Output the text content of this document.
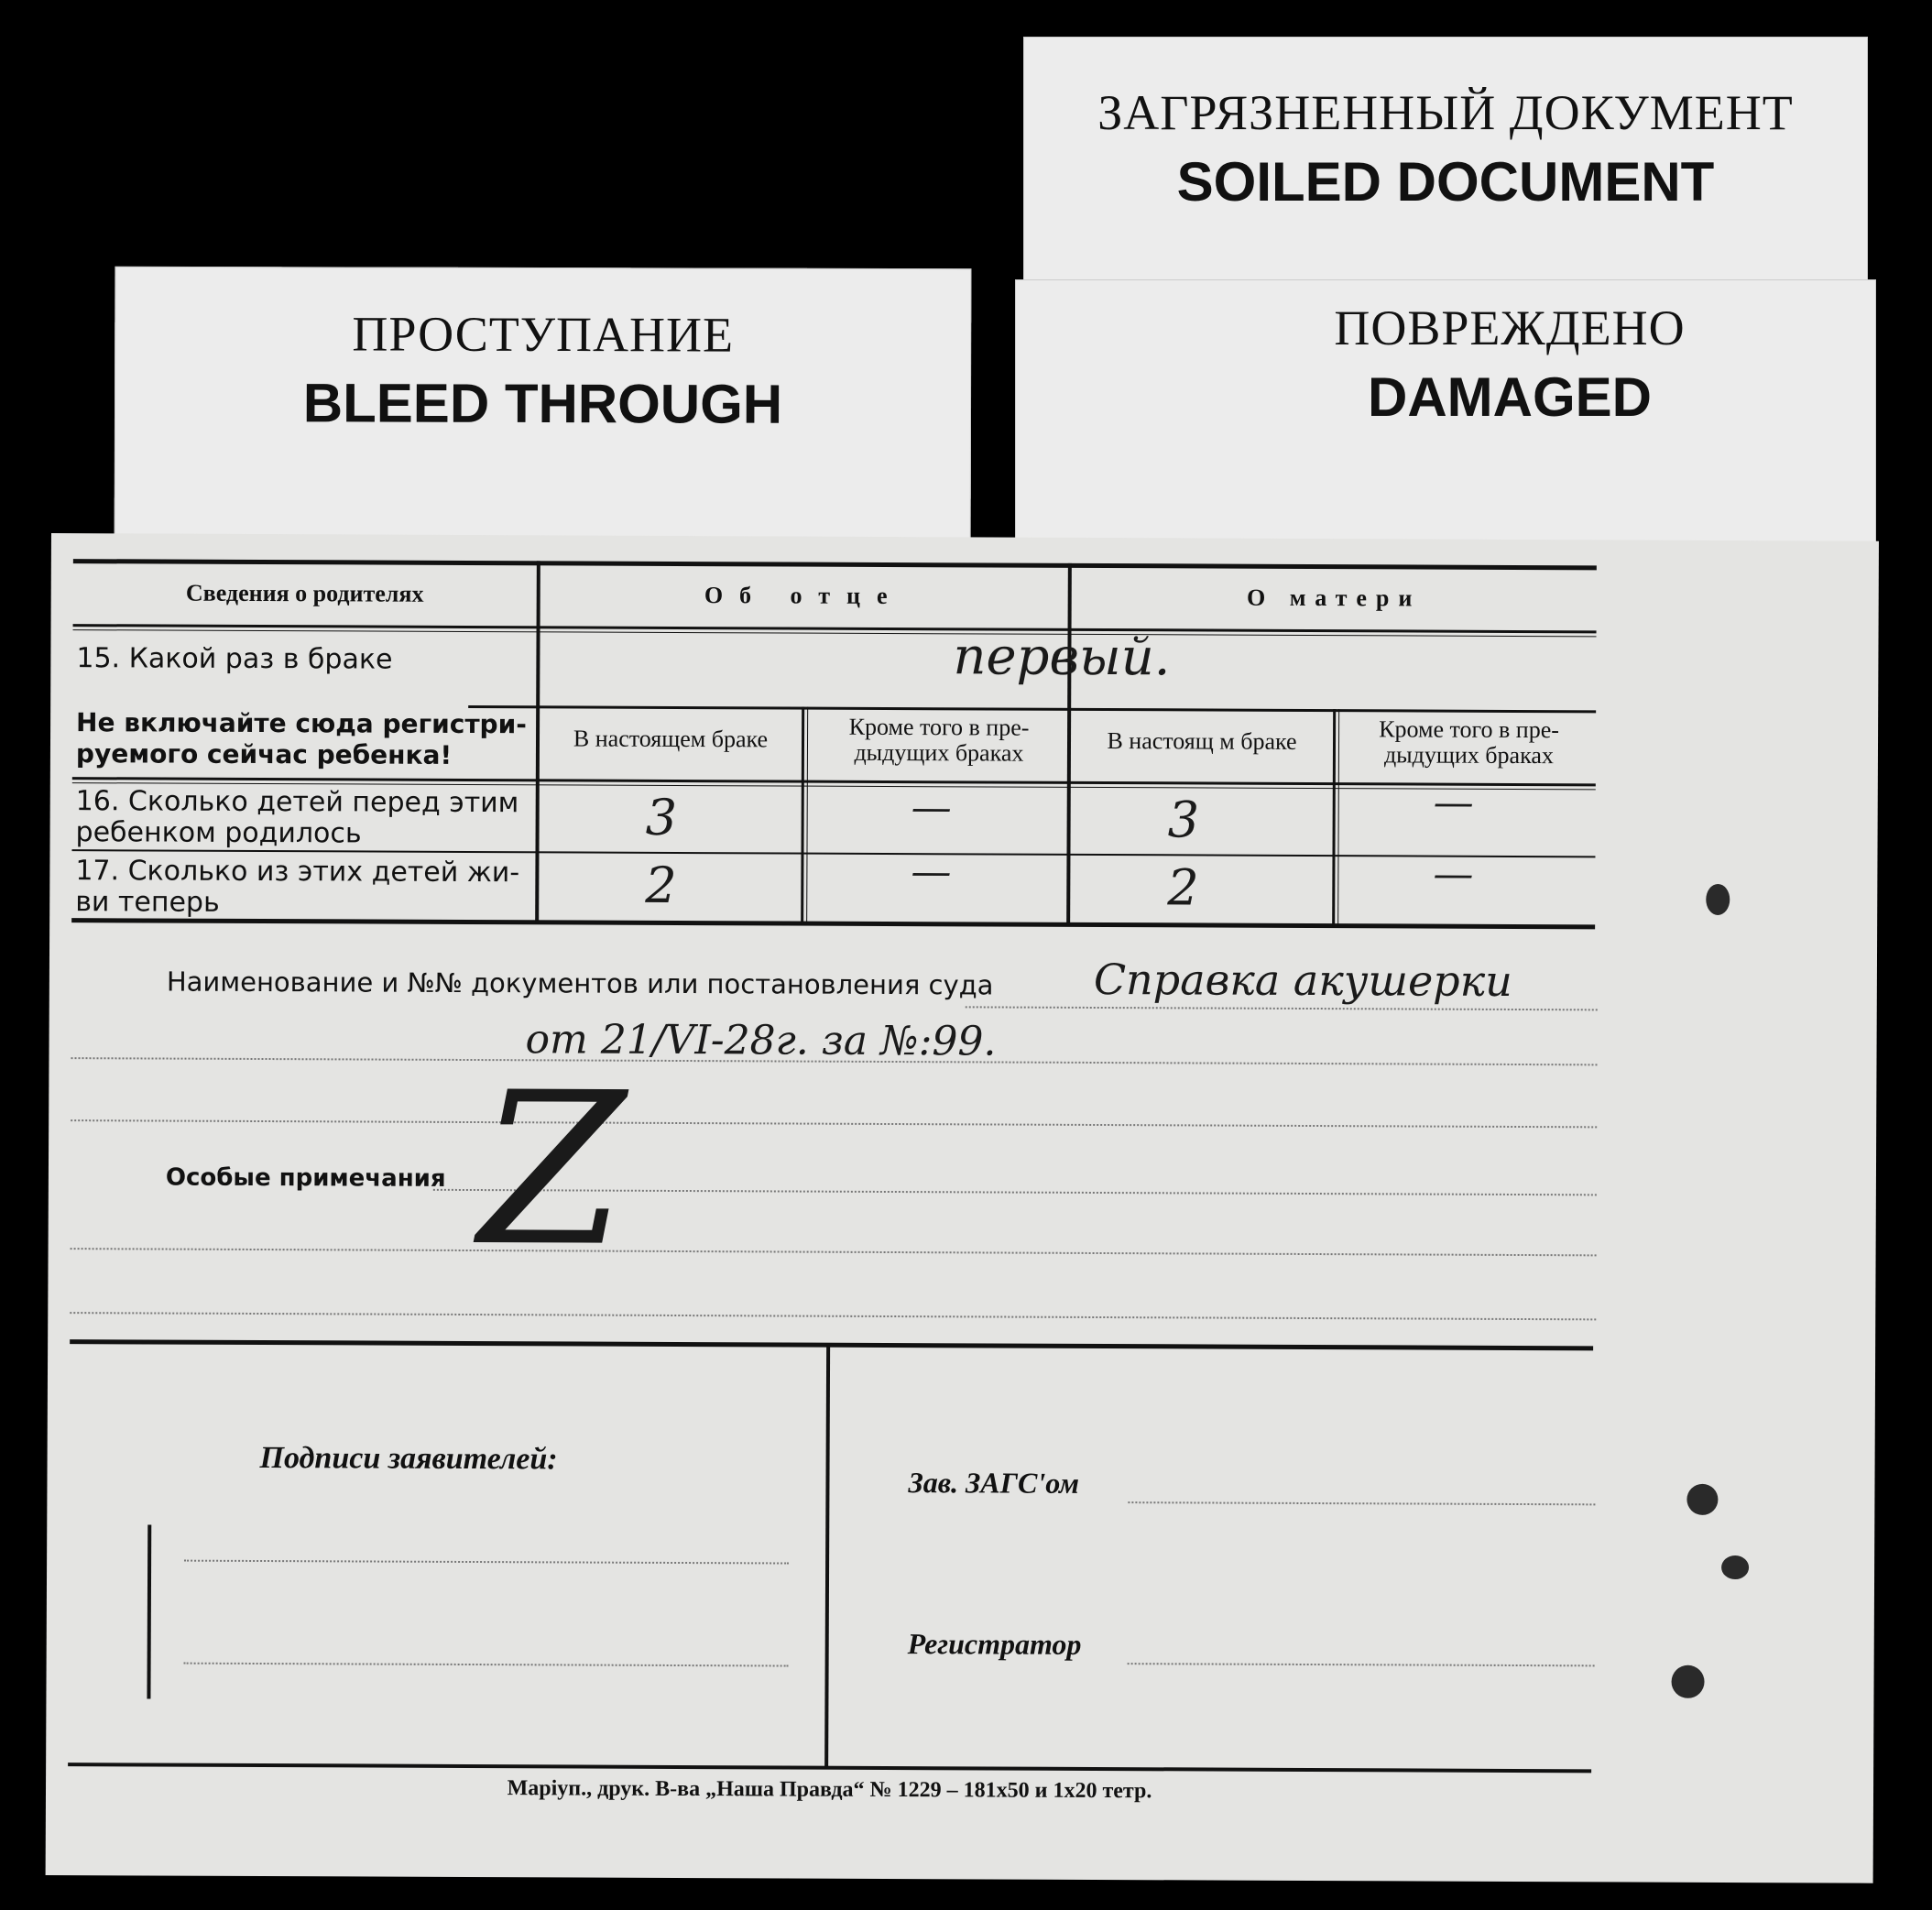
ПРОСТУПАНИЕ
BLEED THROUGH
ЗАГРЯЗНЕННЫЙ ДОКУМЕНТ
SOILED DOCUMENT
ПОВРЕЖДЕНО
DAMAGED
Сведения о родителях	Об отце	О матери
15. Какой раз в браке	первый.
Не включайте сюда регистри- руемого сейчас ребенка!	В настоящем браке	Кроме того в пре- дыдущих браках	В настоящ м браке	Кроме того в пре- дыдущих браках
16. Сколько детей перед этим ребенком родилось	3	—	3	—
17. Сколько из этих детей жи- ви теперь	2	—	2	—
Наименование и №№ документов или постановления суда Справка акушерки
от 21/VI-28г. за №:99.
Особые примечания Z
Подписи заявителей:
Зав. ЗАГС'ом
Регистратор
Маріуп., друк. В-ва „Наша Правда“ № 1229 – 181х50 и 1х20 тетр.
